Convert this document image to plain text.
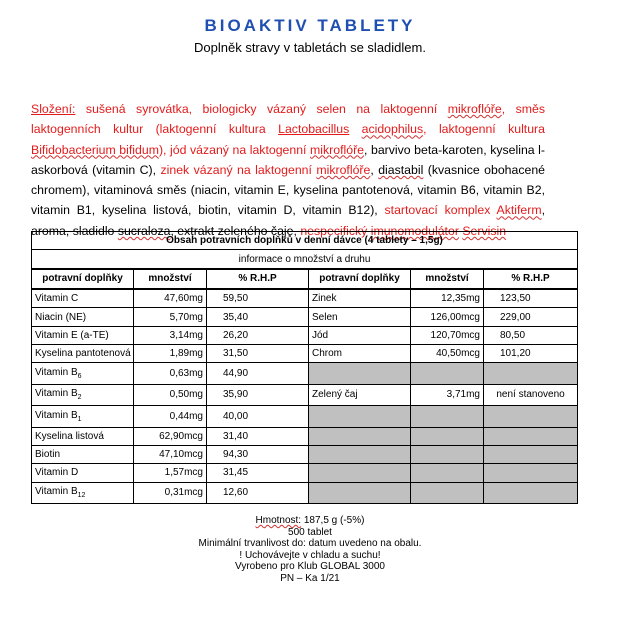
BIOAKTIV TABLETY
Doplněk stravy v tabletách se sladidlem.
Složení: sušená syrovátka, biologicky vázaný selen na laktogenní mikroflóře, směs laktogenních kultur (laktogenní kultura Lactobacillus acidophilus, laktogenní kultura Bifidobacterium bifidum), jód vázaný na laktogenní mikroflóře, barvivo beta-karoten, kyselina l-askorbová (vitamin C), zinek vázaný na laktogenní mikroflóře, diastabil (kvasnice obohacené chromem), vitaminová směs (niacin, vitamin E, kyselina pantotenová, vitamin B6, vitamin B2, vitamin B1, kyselina listová, biotin, vitamin D, vitamin B12), startovací komplex Aktiferm, aroma, sladidlo sucraloza, extrakt zeleného čaje, nespecifický imunomodulátor Servisin
Obsah potravních doplňků v denní dávce (4 tablety – 1,5g)					
informace o množství a druhu					
potravní doplňky	množství	% R.H.P	potravní doplňky	množství	% R.H.P
Vitamin C	47,60mg	59,50	Zinek	12,35mg	123,50
Niacin (NE)	5,70mg	35,40	Selen	126,00mcg	229,00
Vitamin E (a-TE)	3,14mg	26,20	Jód	120,70mcg	80,50
Kyselina pantotenová	1,89mg	31,50	Chrom	40,50mcg	101,20
Vitamin $B_6$	0,63mg	44,90			
Vitamin $B_2$	0,50mg	35,90	Zelený čaj	3,71mg	není stanoveno
Vitamin $B_1$	0,44mg	40,00			
Kyselina listová	62,90mcg	31,40			
Biotin	47,10mcg	94,30			
Vitamin D	1,57mcg	31,45			
Vitamin $B_{12}$	0,31mcg	12,60			
Hmotnost: 187,5 g (-5%)
500 tablet
Minimální trvanlivost do: datum uvedeno na obalu.
! Uchovávejte v chladu a suchu!
Vyrobeno pro Klub GLOBAL 3000
PN – Ka 1/21
